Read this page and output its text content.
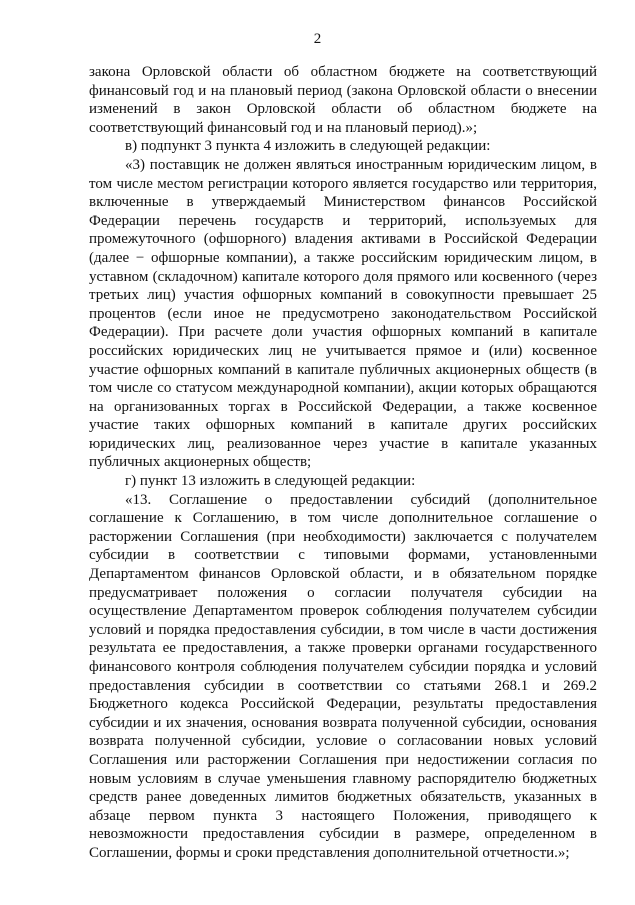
2

закона Орловской области об областном бюджете на соответствующий финансовый год и на плановый период (закона Орловской области о внесении изменений в закон Орловской области об областном бюджете на соответствующий финансовый год и на плановый период).»;

в) подпункт 3 пункта 4 изложить в следующей редакции:

«3) поставщик не должен являться иностранным юридическим лицом, в том числе местом регистрации которого является государство или территория, включенные в утверждаемый Министерством финансов Российской Федерации перечень государств и территорий, используемых для промежуточного (офшорного) владения активами в Российской Федерации (далее − офшорные компании), а также российским юридическим лицом, в уставном (складочном) капитале которого доля прямого или косвенного (через третьих лиц) участия офшорных компаний в совокупности превышает 25 процентов (если иное не предусмотрено законодательством Российской Федерации). При расчете доли участия офшорных компаний в капитале российских юридических лиц не учитывается прямое и (или) косвенное участие офшорных компаний в капитале публичных акционерных обществ (в том числе со статусом международной компании), акции которых обращаются на организованных торгах в Российской Федерации, а также косвенное участие таких офшорных компаний в капитале других российских юридических лиц, реализованное через участие в капитале указанных публичных акционерных обществ;

г) пункт 13 изложить в следующей редакции:

«13. Соглашение о предоставлении субсидий (дополнительное соглашение к Соглашению, в том числе дополнительное соглашение о расторжении Соглашения (при необходимости) заключается с получателем субсидии в соответствии с типовыми формами, установленными Департаментом финансов Орловской области, и в обязательном порядке предусматривает положения о согласии получателя субсидии на осуществление Департаментом проверок соблюдения получателем субсидии условий и порядка предоставления субсидии, в том числе в части достижения результата ее предоставления, а также проверки органами государственного финансового контроля соблюдения получателем субсидии порядка и условий предоставления субсидии в соответствии со статьями 268.1 и 269.2 Бюджетного кодекса Российской Федерации, результаты предоставления субсидии и их значения, основания возврата полученной субсидии, основания возврата полученной субсидии, условие о согласовании новых условий Соглашения или расторжении Соглашения при недостижении согласия по новым условиям в случае уменьшения главному распорядителю бюджетных средств ранее доведенных лимитов бюджетных обязательств, указанных в абзаце первом пункта 3 настоящего Положения, приводящего к невозможности предоставления субсидии в размере, определенном в Соглашении, формы и сроки представления дополнительной отчетности.»;
